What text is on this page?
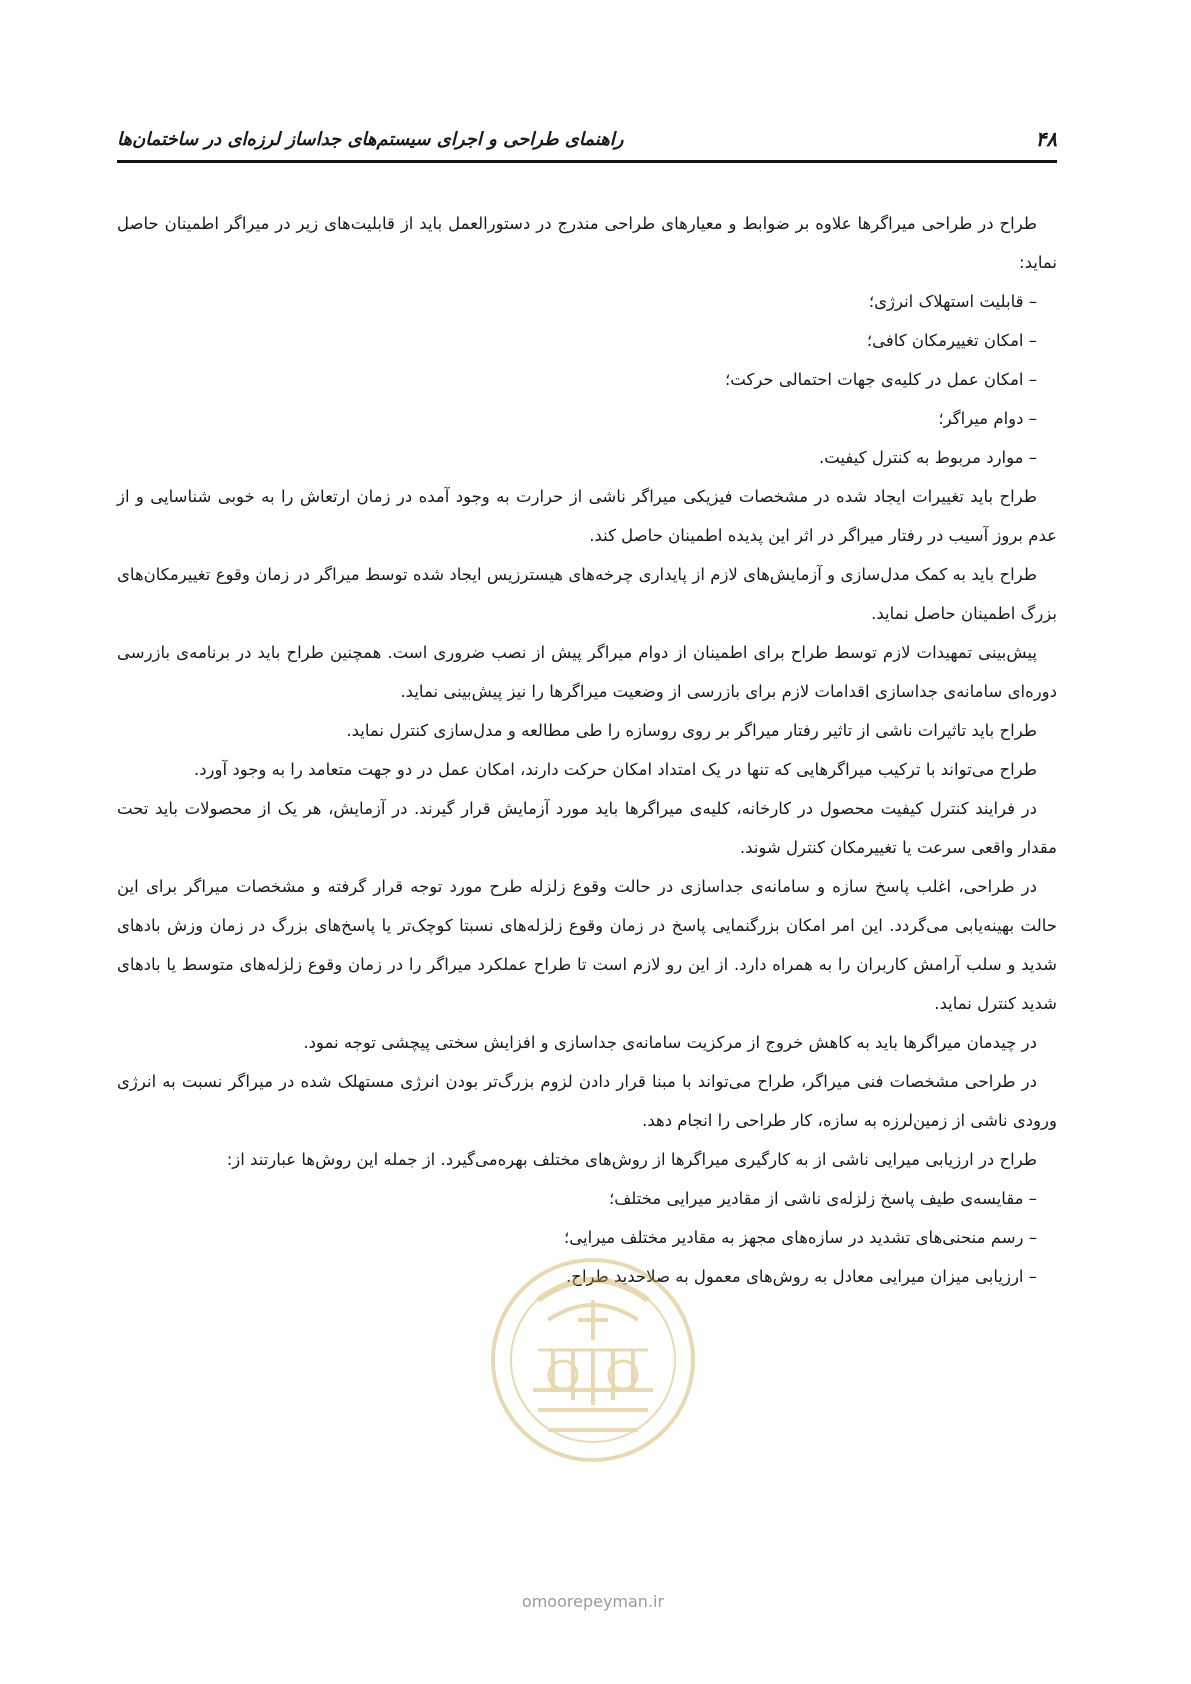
راهنمای طراحی و اجرای سیستم‌های جداساز لرزه‌ای در ساختمان‌ها	۴۸

طراح در طراحی میراگرها علاوه بر ضوابط و معیارهای طراحی مندرج در دستورالعمل باید از قابلیت‌های زیر در میراگر اطمینان حاصل نماید:

– قابلیت استهلاک انرژی؛

– امکان تغییرمکان کافی؛

– امکان عمل در کلیه‌ی جهات احتمالی حرکت؛

– دوام میراگر؛

– موارد مربوط به کنترل کیفیت.

طراح باید تغییرات ایجاد شده در مشخصات فیزیکی میراگر ناشی از حرارت به وجود آمده در زمان ارتعاش را به خوبی شناسایی و از عدم بروز آسیب در رفتار میراگر در اثر این پدیده اطمینان حاصل کند.

طراح باید به کمک مدل‌سازی و آزمایش‌های لازم از پایداری چرخه‌های هیسترزیس ایجاد شده توسط میراگر در زمان وقوع تغییرمکان‌های بزرگ اطمینان حاصل نماید.

پیش‌بینی تمهیدات لازم توسط طراح برای اطمینان از دوام میراگر پیش از نصب ضروری است. همچنین طراح باید در برنامه‌ی بازرسی دوره‌ای سامانه‌ی جداسازی اقدامات لازم برای بازرسی از وضعیت میراگرها را نیز پیش‌بینی نماید.

طراح باید تاثیرات ناشی از تاثیر رفتار میراگر بر روی روسازه را طی مطالعه و مدل‌سازی کنترل نماید.

طراح می‌تواند با ترکیب میراگرهایی که تنها در یک امتداد امکان حرکت دارند، امکان عمل در دو جهت متعامد را به وجود آورد.

در فرایند کنترل کیفیت محصول در کارخانه، کلیه‌ی میراگرها باید مورد آزمایش قرار گیرند. در آزمایش، هر یک از محصولات باید تحت مقدار واقعی سرعت یا تغییرمکان کنترل شوند.

در طراحی، اغلب پاسخ سازه و سامانه‌ی جداسازی در حالت وقوع زلزله طرح مورد توجه قرار گرفته و مشخصات میراگر برای این حالت بهینه‌یابی می‌گردد. این امر امکان بزرگنمایی پاسخ در زمان وقوع زلزله‌های نسبتا کوچک‌تر یا پاسخ‌های بزرگ در زمان وزش بادهای شدید و سلب آرامش کاربران را به همراه دارد. از این رو لازم است تا طراح عملکرد میراگر را در زمان وقوع زلزله‌های متوسط یا بادهای شدید کنترل نماید.

در چیدمان میراگرها باید به کاهش خروج از مرکزیت سامانه‌ی جداسازی و افزایش سختی پیچشی توجه نمود.

در طراحی مشخصات فنی میراگر، طراح می‌تواند با مبنا قرار دادن لزوم بزرگ‌تر بودن انرژی مستهلک شده در میراگر نسبت به انرژی ورودی ناشی از زمین‌لرزه به سازه، کار طراحی را انجام دهد.

طراح در ارزیابی میرایی ناشی از به کارگیری میراگرها از روش‌های مختلف بهره‌می‌گیرد. از جمله این روش‌ها عبارتند از:

– مقایسه‌ی طیف پاسخ زلزله‌ی ناشی از مقادیر میرایی مختلف؛

– رسم منحنی‌های تشدید در سازه‌های مجهز به مقادیر مختلف میرایی؛

– ارزیابی میزان میرایی معادل به روش‌های معمول به صلاحدید طراح.

omoorepeyman.ir
